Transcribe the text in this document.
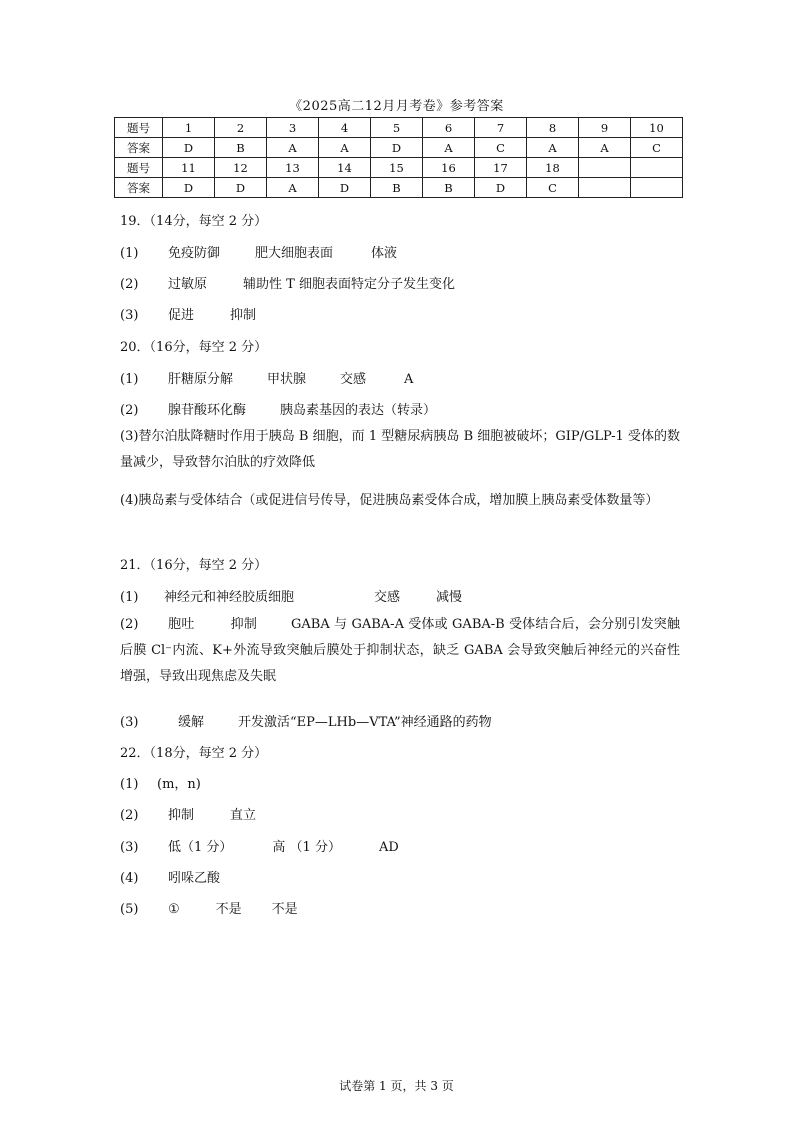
《2025高二12月月考卷》参考答案
题号	1	2	3	4	5	6	7	8	9	10
答案	D	B	A	A	D	A	C	A	A	C
题号	11	12	13	14	15	16	17	18		
答案	D	D	A	D	B	B	D	C		
19．（14分，每空 2 分）
(1) 免疫防御	肥大细胞表面	体液
(2) 过敏原	辅助性 T 细胞表面特定分子发生变化
(3) 促进	抑制
20．（16分，每空 2 分）
(1) 肝糖原分解	甲状腺	交感	A
(2) 腺苷酸环化酶	胰岛素基因的表达（转录）
(3)替尔泊肽降糖时作用于胰岛 B 细胞，而 1 型糖尿病胰岛 B 细胞被破坏；GIP/GLP-1 受体的数量减少，导致替尔泊肽的疗效降低
(4)胰岛素与受体结合（或促进信号传导，促进胰岛素受体合成，增加膜上胰岛素受体数量等）
21．（16分，每空 2 分）
(1) 神经元和神经胶质细胞	交感	减慢
(2) 胞吐	抑制	GABA 与 GABA-A 受体或 GABA-B 受体结合后，会分别引发突触后膜 Cl⁻内流、K+外流导致突触后膜处于抑制状态，缺乏 GABA 会导致突触后神经元的兴奋性增强，导致出现焦虑及失眠
(3)	缓解	开发激活“EP—LHb—VTA”神经通路的药物
22．（18分，每空 2 分）
(1) (m，n)
(2) 抑制	直立
(3) 低（1 分）	高 （1 分）	AD
(4) 吲哚乙酸
(5) ①	不是 不是
试卷第 1 页，共 3 页
